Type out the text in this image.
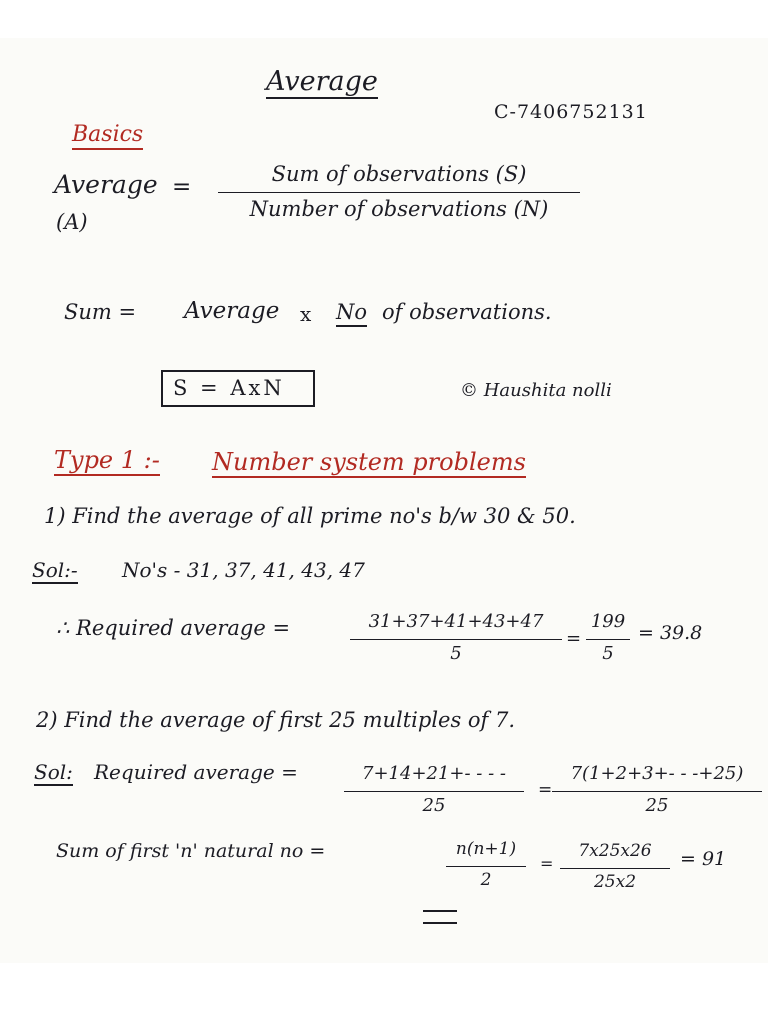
Average
C-7406752131
Basics
Average
(A)
=	Sum of observations (S)
Number of observations (N)
Sum = Average x No of observations.
S = AxN	© Haushita nolli
Type 1 :- Number system problems
1) Find the average of all prime no's b/w 30 & 50.
Sol:- No's - 31, 37, 41, 43, 47
∴ Required average =	31+37+41+43+47
5
=
199
5
= 39.8
2) Find the average of first 25 multiples of 7.
Sol: Required average =	7+14+21+- - - -
25
=
7(1+2+3+- - -+25)
25
Sum of first 'n' natural no =	n(n+1)
2
=
7x25x26
25x2
= 91
